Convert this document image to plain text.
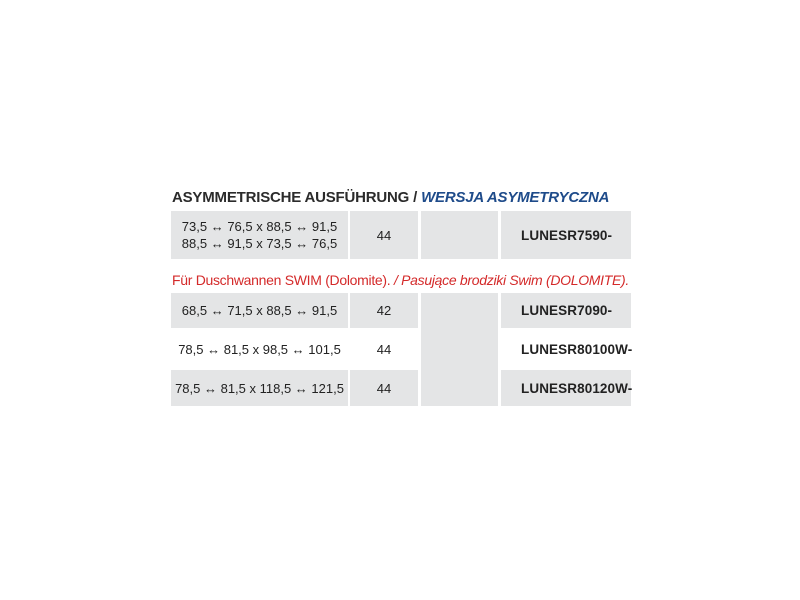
ASYMMETRISCHE AUSFÜHRUNG / WERSJA ASYMETRYCZNA
73,5 ↔ 76,5 x 88,5 ↔ 91,5
88,5 ↔ 91,5 x 73,5 ↔ 76,5
44	LUNESR7590-
Für Duschwannen SWIM (Dolomite). / Pasujące brodziki Swim (DOLOMITE).
68,5 ↔ 71,5 x 88,5 ↔ 91,5	42	LUNESR7090-
78,5 ↔ 81,5 x 98,5 ↔ 101,5	44	LUNESR80100W-
78,5 ↔ 81,5 x 118,5 ↔ 121,5	44	LUNESR80120W-
